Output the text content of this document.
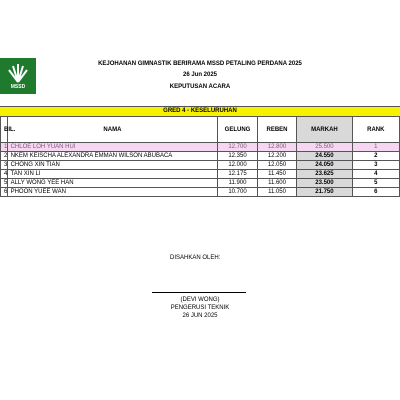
MSSD
KEJOHANAN GIMNASTIK BERIRAMA MSSD PETALING PERDANA 2025
26 Jun 2025
KEPUTUSAN ACARA
GRED 4 - KESELURUHAN
BIL.	NAMA	GELUNG	REBEN	MARKAH	RANK
1	CHLOE LOH YUAN HUI	12.700	12.800	25.500	1
2	NKEM KEISCHA ALEXANDRA EMMAN WILSON ABUBACA	12.350	12.200	24.550	2
3	CHONG XIN TIAN	12.000	12.050	24.050	3
4	TAN XIN LI	12.175	11.450	23.625	4
5	ALLY WONG YEE HAN	11.900	11.600	23.500	5
6	PHOON YUEE WAN	10.700	11.050	21.750	6
DISAHKAN OLEH:
(DEVI WONG)
PENGERUSI TEKNIK
26 JUN 2025
